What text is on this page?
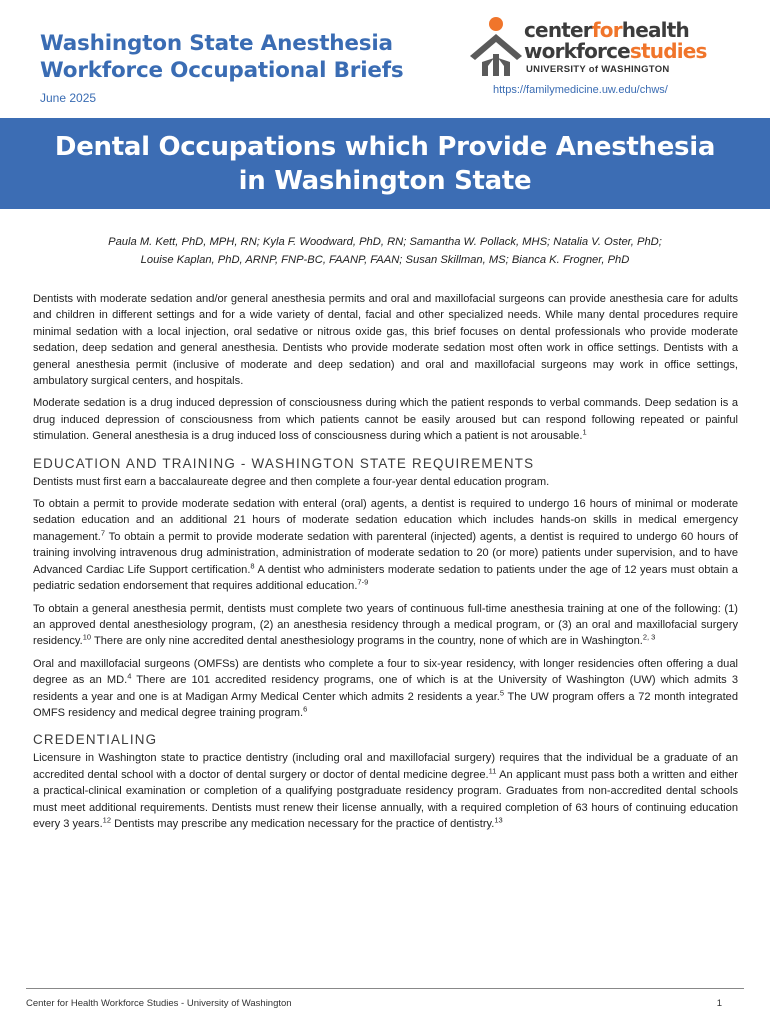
Washington State Anesthesia
Workforce Occupational Briefs
June 2025
centerforhealth
workforcestudies
UNIVERSITY of WASHINGTON
https://familymedicine.uw.edu/chws/
Dental Occupations which Provide Anesthesia in Washington State
Paula M. Kett, PhD, MPH, RN; Kyla F. Woodward, PhD, RN; Samantha W. Pollack, MHS; Natalia V. Oster, PhD;
Louise Kaplan, PhD, ARNP, FNP-BC, FAANP, FAAN; Susan Skillman, MS; Bianca K. Frogner, PhD

Dentists with moderate sedation and/or general anesthesia permits and oral and maxillofacial surgeons can provide anesthesia care for adults and children in different settings and for a wide variety of dental, facial and other specialized needs. While many dental procedures require minimal sedation with a local injection, oral sedative or nitrous oxide gas, this brief focuses on dental professionals who provide moderate sedation, deep sedation and general anesthesia. Dentists who provide moderate sedation most often work in office settings. Dentists with a general anesthesia permit (inclusive of moderate and deep sedation) and oral and maxillofacial surgeons may work in office settings, ambulatory surgical centers, and hospitals.

Moderate sedation is a drug induced depression of consciousness during which the patient responds to verbal commands. Deep sedation is a drug induced depression of consciousness from which patients cannot be easily aroused but can respond following repeated or painful stimulation. General anesthesia is a drug induced loss of consciousness during which a patient is not arousable.$^1$

EDUCATION AND TRAINING - WASHINGTON STATE REQUIREMENTS

Dentists must first earn a baccalaureate degree and then complete a four-year dental education program.

To obtain a permit to provide moderate sedation with enteral (oral) agents, a dentist is required to undergo 16 hours of minimal or moderate sedation education and an additional 21 hours of moderate sedation education which includes hands-on skills in medical emergency management.$^7$ To obtain a permit to provide moderate sedation with parenteral (injected) agents, a dentist is required to undergo 60 hours of training involving intravenous drug administration, administration of moderate sedation to 20 (or more) patients under supervision, and to have Advanced Cardiac Life Support certification.$^8$ A dentist who administers moderate sedation to patients under the age of 12 years must obtain a pediatric sedation endorsement that requires additional education.$^{7-9}$

To obtain a general anesthesia permit, dentists must complete two years of continuous full-time anesthesia training at one of the following: (1) an approved dental anesthesiology program, (2) an anesthesia residency through a medical program, or (3) an oral and maxillofacial surgery residency.$^{10}$ There are only nine accredited dental anesthesiology programs in the country, none of which are in Washington.$^{2, 3}$

Oral and maxillofacial surgeons (OMFSs) are dentists who complete a four to six-year residency, with longer residencies often offering a dual degree as an MD.$^4$ There are 101 accredited residency programs, one of which is at the University of Washington (UW) which admits 3 residents a year and one is at Madigan Army Medical Center which admits 2 residents a year.$^5$ The UW program offers a 72 month integrated OMFS residency and medical degree training program.$^6$

CREDENTIALING

Licensure in Washington state to practice dentistry (including oral and maxillofacial surgery) requires that the individual be a graduate of an accredited dental school with a doctor of dental surgery or doctor of dental medicine degree.$^{11}$ An applicant must pass both a written and either a practical-clinical examination or completion of a qualifying postgraduate residency program. Graduates from non-accredited dental schools must meet additional requirements. Dentists must renew their license annually, with a required completion of 63 hours of continuing education every 3 years.$^{12}$ Dentists may prescribe any medication necessary for the practice of dentistry.$^{13}$

Center for Health Workforce Studies - University of Washington	1
